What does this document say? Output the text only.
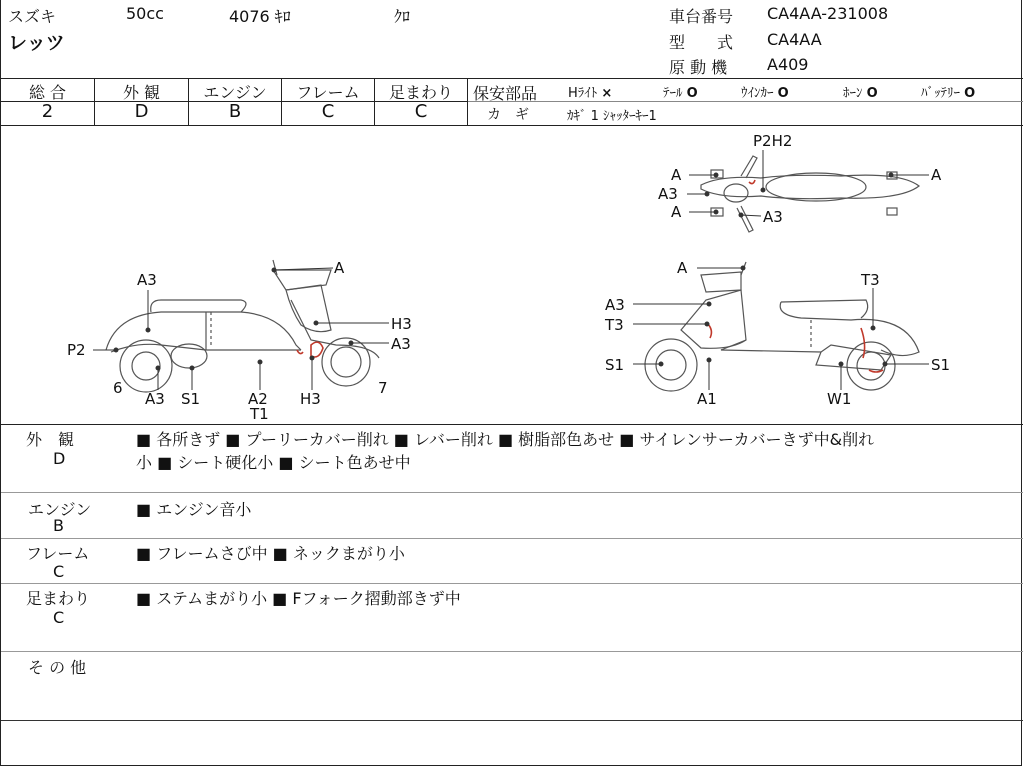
スズキ	50cc	4076 ｷﾛ	ｸﾛ
レッツ
車台番号 CA4AA-231008
型　　式 CA4AA
原 動 機 A409
総 合	外 観	エンジン	フレーム	足まわり
2	D	B	C	C
保安部品 Hﾗｲﾄ ×	ﾃｰﾙ O	ｳｲﾝｶｰ O	ﾎｰﾝ O	ﾊﾞｯﾃﾘｰ O
カ　ギ	ｶｷﾞ 1 ｼｬｯﾀｰｷｰ1
P2H2
A
A3
A	A3
A
A3
A
H3
A3
P2
6
A3 S1	A2
T1
H3
7
A
T3
A3
T3
S1	S1
A1	W1
外　観
D
■ 各所きず ■ プーリーカバー削れ ■ レバー削れ ■ 樹脂部色あせ ■ サイレンサーカバーきず中&削れ
小 ■ シート硬化小 ■ シート色あせ中
エンジン
B
■ エンジン音小
フレーム
C
■ フレームさび中 ■ ネックまがり小
足まわり
C
■ ステムまがり小 ■ Fフォーク摺動部きず中
そ の 他
